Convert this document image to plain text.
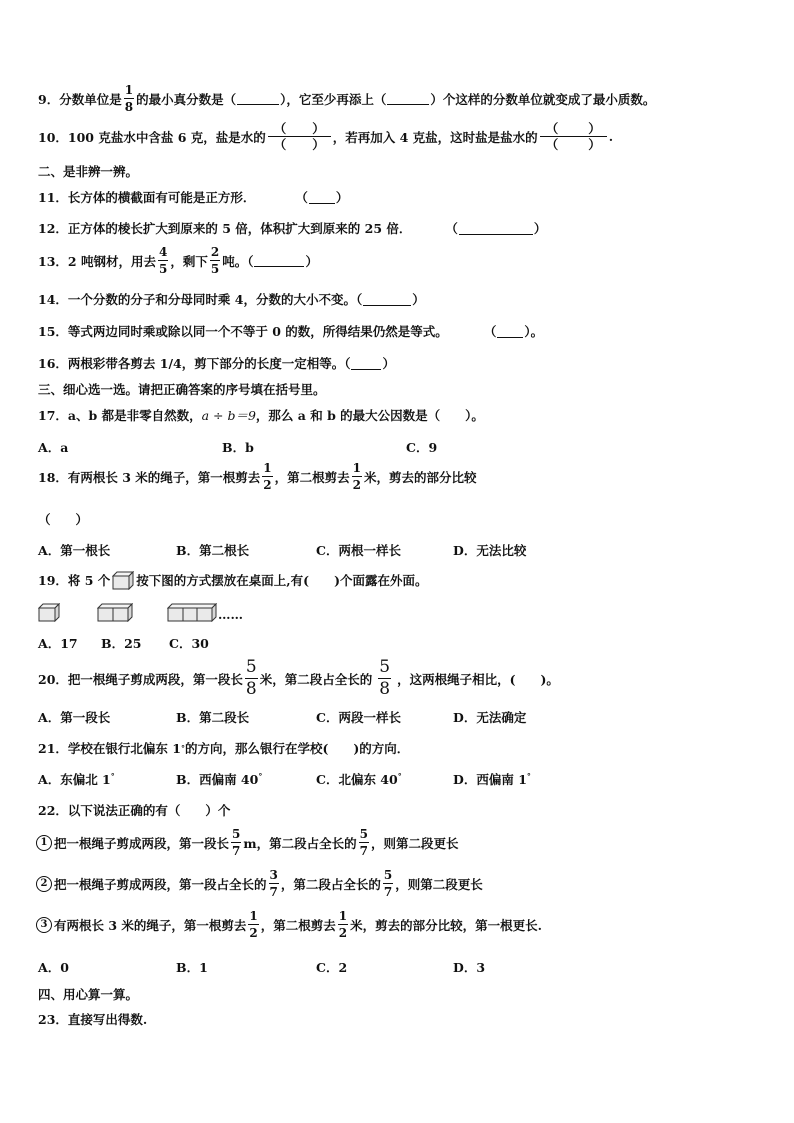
9．分数单位是 $\frac{1}{8}$ 的最小真分数是（	），它至少再添上（	）个这样的分数单位就变成了最小质数。
10．100 克盐水中含盐 6 克，盐是水的 $\frac{( )}{( )}$ ，若再加入 4 克盐，这时盐是盐水的 $\frac{( )}{( )}$ .
二、是非辨一辨。
11．长方体的横截面有可能是正方形．	（ ）
12．正方体的棱长扩大到原来的 5 倍，体积扩大到原来的 25 倍．	（	）
13．2 吨钢材，用去 $\frac{4}{5}$ ，剩下 $\frac{2}{5}$ 吨。（	）
14．一个分数的分子和分母同时乘 4，分数的大小不变。（	）
15．等式两边同时乘或除以同一个不等于 0 的数，所得结果仍然是等式。	（ ）。
16．两根彩带各剪去 1/4，剪下部分的长度一定相等。（	）
三、细心选一选。请把正确答案的序号填在括号里。
17．a、b 都是非零自然数， a ÷ b＝9 ，那么 a 和 b 的最大公因数是（　　）。
A．a	B．b	C．9
18．有两根长 3 米的绳子，第一根剪去 $\frac{1}{2}$ ，第二根剪去 $\frac{1}{2}$ 米，剪去的部分比较
（　　）
A．第一根长	B．第二根长	C．两根一样长	D．无法比较
19．将 5 个 按下图的方式摆放在桌面上,有(　　)个面露在外面。
……
A．17	B．25	C．30
20．把一根绳子剪成两段，第一段长 $\frac{5}{8}$ 米，第二段占全长的 $\frac{5}{8}$ ，这两根绳子相比，(　　)。
A．第一段长	B．第二段长	C．两段一样长	D．无法确定
21．学校在银行北偏东 1 ° 的方向，那么银行在学校(　　)的方向．
A．东偏北 1°	B．西偏南 40°	C．北偏东 40°	D．西偏南 1°
22．以下说法正确的有（　　）个
1 把一根绳子剪成两段，第一段长 $\frac{5}{7}$ m，第二段占全长的 $\frac{5}{7}$ ，则第二段更长
2 把一根绳子剪成两段，第一段占全长的 $\frac{3}{7}$ ，第二段占全长的 $\frac{5}{7}$ ，则第二段更长
3 有两根长 3 米的绳子，第一根剪去 $\frac{1}{2}$ ，第二根剪去 $\frac{1}{2}$ 米，剪去的部分比较，第一根更长.
A．0	B．1	C．2	D．3
四、用心算一算。
23．直接写出得数.
